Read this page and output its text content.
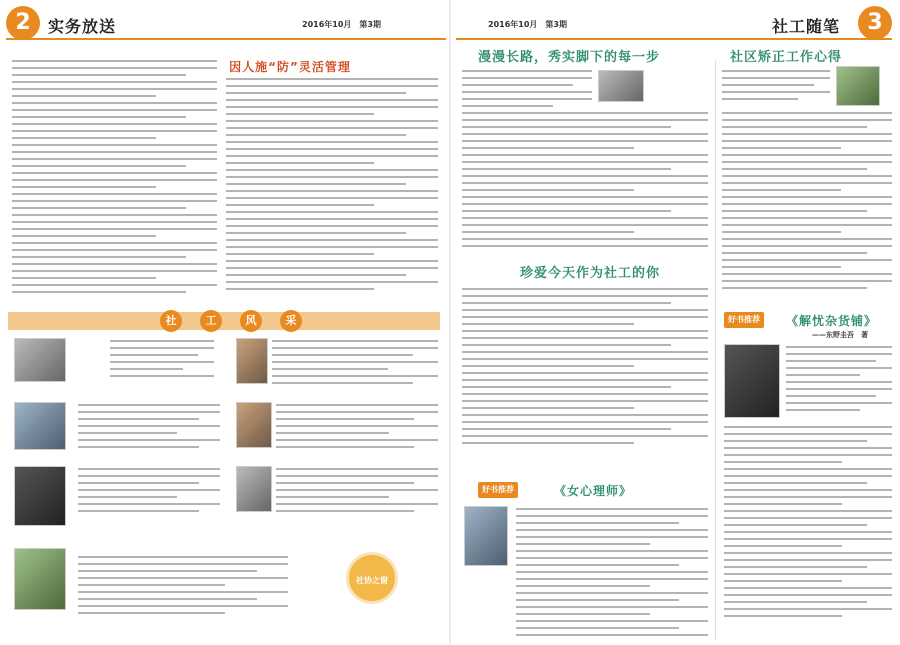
2	实务放送	2016年10月　第3期
因人施“防”灵活管理
社	工	风	采
社协之窗
3
社工随笔
2016年10月　第3期
漫漫长路，秀实脚下的每一步	社区矫正工作心得
珍爱今天作为社工的你
好书推荐	《女心理师》
好书推荐	《解忧杂货铺》
——东野圭吾　著
